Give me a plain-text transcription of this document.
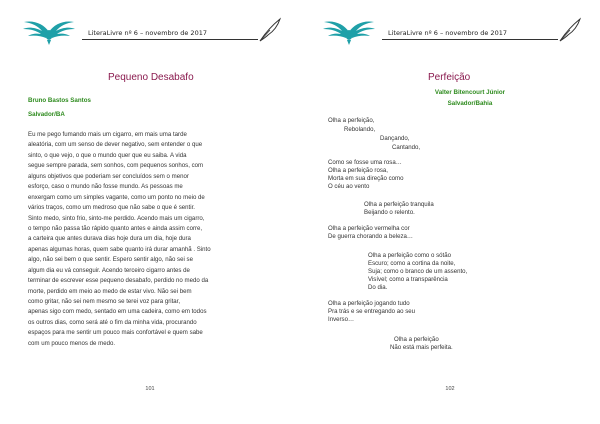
LiteraLivre nº 6 – novembro de 2017
Pequeno Desabafo
Bruno Bastos Santos
Salvador/BA
Eu me pego fumando mais um cigarro, em mais uma tarde
aleatória, com um senso de dever negativo, sem entender o que
sinto, o que vejo, o que o mundo quer que eu saiba. A vida
segue sempre parada, sem sonhos, com pequenos sonhos, com
alguns objetivos que poderiam ser concluídos sem o menor
esforço, caso o mundo não fosse mundo. As pessoas me
enxergam como um simples vagante, como um ponto no meio de
vários traços, como um medroso que não sabe o que é sentir.
Sinto medo, sinto frio, sinto-me perdido. Acendo mais um cigarro,
o tempo não passa tão rápido quanto antes e ainda assim corre,
a carteira que antes durava dias hoje dura um dia, hoje dura
apenas algumas horas, quem sabe quanto irá durar amanhã . Sinto
algo, não sei bem o que sentir. Espero sentir algo, não sei se
algum dia eu vá conseguir. Acendo terceiro cigarro antes de
terminar de escrever esse pequeno desabafo, perdido no medo da
morte, perdido em meio ao medo de estar vivo. Não sei bem
como gritar, não sei nem mesmo se terei voz para gritar,
apenas sigo com medo, sentado em uma cadeira, como em todos
os outros dias, como será até o fim da minha vida, procurando
espaços para me sentir um pouco mais confortável e quem sabe
com um pouco menos de medo.
101
LiteraLivre nº 6 – novembro de 2017
Perfeição
Valter Bitencourt Júnior
Salvador/Bahia
Olha a perfeição,
Rebolando,
Dançando,
Cantando,
Como se fosse uma rosa…
Olha a perfeição rosa,
Morta em sua direção como
O céu ao vento
Olha a perfeição tranquila
Beijando o relento.
Olha a perfeição vermelha cor
De guerra chorando a beleza…
Olha a perfeição como o sótão
Escuro; como a cortina da noite,
Suja; como o branco de um assento,
Visível; como a transparência
Do dia.
Olha a perfeição jogando tudo
Pra trás e se entregando ao seu
Inverso…
Olha a perfeição
Não está mais perfeita.
102
